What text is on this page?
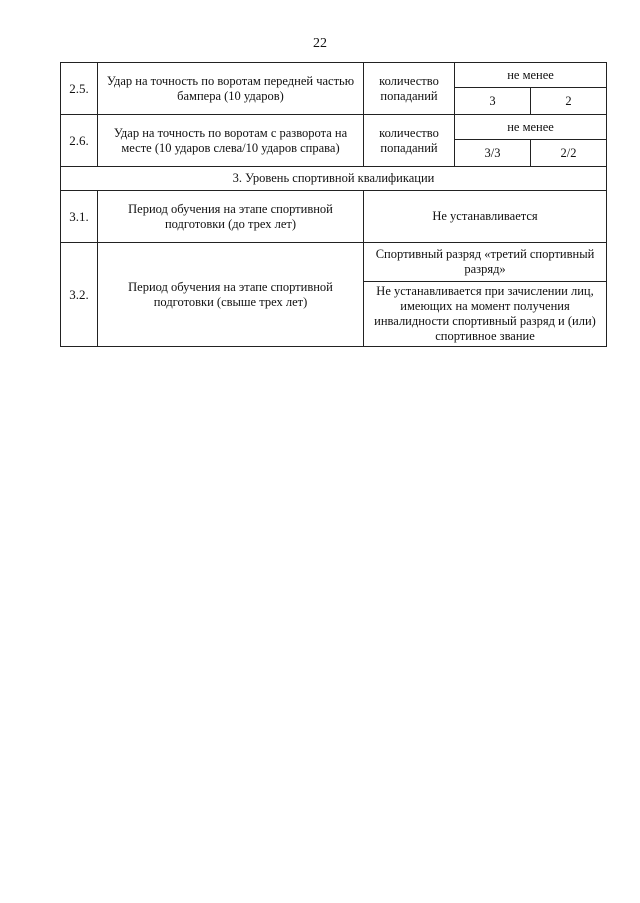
22
2.5.	Удар на точность по воротам передней частью бампера (10 ударов)	количество попаданий	не менее	
			3	2
2.6.	Удар на точность по воротам с разворота на месте (10 ударов слева/10 ударов справа)	количество попаданий	не менее	
			3/3	2/2
3. Уровень спортивной квалификации				
3.1.	Период обучения на этапе спортивной подготовки (до трех лет)	Не устанавливается		
3.2.	Период обучения на этапе спортивной подготовки (свыше трех лет)	Спортивный разряд «третий спортивный разряд»		
		Не устанавливается при зачислении лиц, имеющих на момент получения инвалидности спортивный разряд и (или) спортивное звание		
